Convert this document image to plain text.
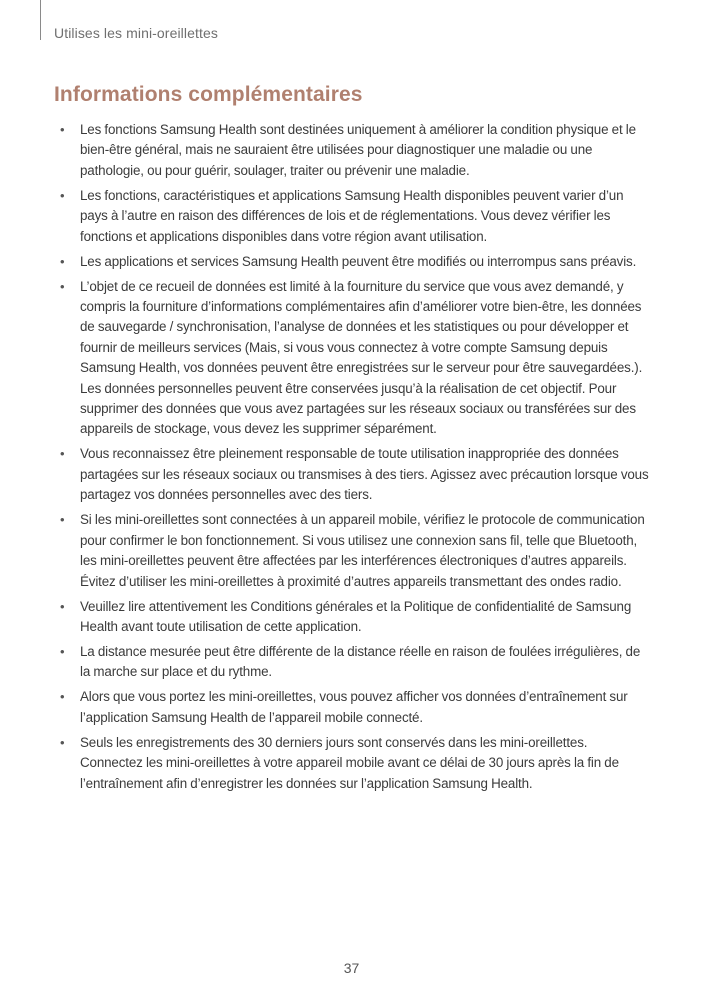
Utilises les mini-oreillettes
Informations complémentaires
•	Les fonctions Samsung Health sont destinées uniquement à améliorer la condition physique et le bien-être général, mais ne sauraient être utilisées pour diagnostiquer une maladie ou une pathologie, ou pour guérir, soulager, traiter ou prévenir une maladie.
•	Les fonctions, caractéristiques et applications Samsung Health disponibles peuvent varier d’un pays à l’autre en raison des différences de lois et de réglementations. Vous devez vérifier les fonctions et applications disponibles dans votre région avant utilisation.
•	Les applications et services Samsung Health peuvent être modifiés ou interrompus sans préavis.
•	L’objet de ce recueil de données est limité à la fourniture du service que vous avez demandé, y compris la fourniture d’informations complémentaires afin d’améliorer votre bien-être, les données de sauvegarde / synchronisation, l’analyse de données et les statistiques ou pour développer et fournir de meilleurs services (Mais, si vous vous connectez à votre compte Samsung depuis Samsung Health, vos données peuvent être enregistrées sur le serveur pour être sauvegardées.). Les données personnelles peuvent être conservées jusqu’à la réalisation de cet objectif. Pour supprimer des données que vous avez partagées sur les réseaux sociaux ou transférées sur des appareils de stockage, vous devez les supprimer séparément.
•	Vous reconnaissez être pleinement responsable de toute utilisation inappropriée des données partagées sur les réseaux sociaux ou transmises à des tiers. Agissez avec précaution lorsque vous partagez vos données personnelles avec des tiers.
•	Si les mini-oreillettes sont connectées à un appareil mobile, vérifiez le protocole de communication pour confirmer le bon fonctionnement. Si vous utilisez une connexion sans fil, telle que Bluetooth, les mini-oreillettes peuvent être affectées par les interférences électroniques d’autres appareils. Évitez d’utiliser les mini-oreillettes à proximité d’autres appareils transmettant des ondes radio.
•	Veuillez lire attentivement les Conditions générales et la Politique de confidentialité de Samsung Health avant toute utilisation de cette application.
•	La distance mesurée peut être différente de la distance réelle en raison de foulées irrégulières, de la marche sur place et du rythme.
•	Alors que vous portez les mini-oreillettes, vous pouvez afficher vos données d’entraînement sur l’application Samsung Health de l’appareil mobile connecté.
•	Seuls les enregistrements des 30 derniers jours sont conservés dans les mini-oreillettes. Connectez les mini-oreillettes à votre appareil mobile avant ce délai de 30 jours après la fin de l’entraînement afin d’enregistrer les données sur l’application Samsung Health.
37
